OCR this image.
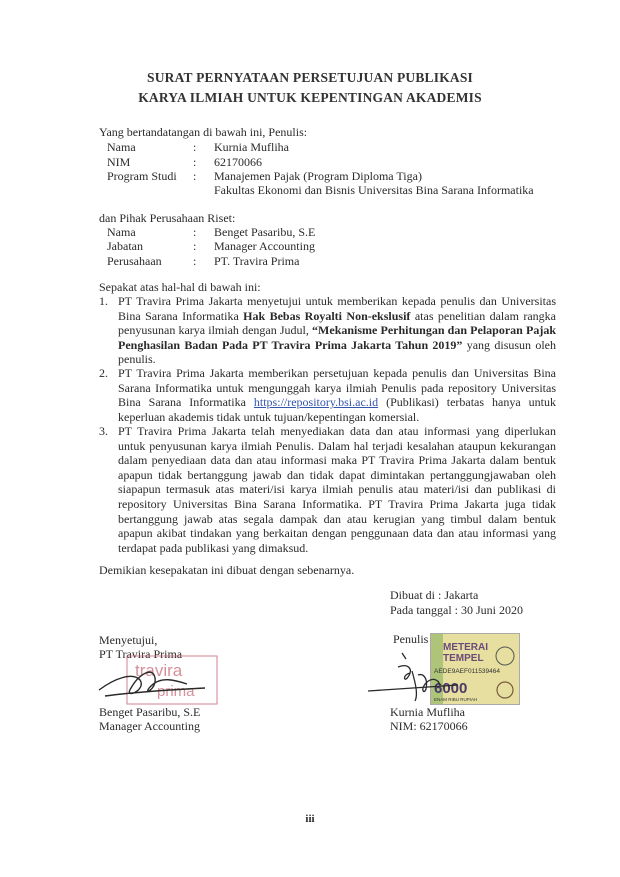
SURAT PERNYATAAN PERSETUJUAN PUBLIKASI
KARYA ILMIAH UNTUK KEPENTINGAN AKADEMIS
Yang bertandatangan di bawah ini, Penulis:
Nama	: Kurnia Mufliha
NIM	: 62170066
Program Studi : Manajemen Pajak (Program Diploma Tiga)
Fakultas Ekonomi dan Bisnis Universitas Bina Sarana Informatika
dan Pihak Perusahaan Riset:
Nama	: Benget Pasaribu, S.E
Jabatan	: Manager Accounting
Perusahaan	: PT. Travira Prima
Sepakat atas hal-hal di bawah ini:
1. PT Travira Prima Jakarta menyetujui untuk memberikan kepada penulis dan Universitas Bina Sarana Informatika Hak Bebas Royalti Non-ekslusif atas penelitian dalam rangka penyusunan karya ilmiah dengan Judul, “Mekanisme Perhitungan dan Pelaporan Pajak Penghasilan Badan Pada PT Travira Prima Jakarta Tahun 2019” yang disusun oleh penulis.
2. PT Travira Prima Jakarta memberikan persetujuan kepada penulis dan Universitas Bina Sarana Informatika untuk mengunggah karya ilmiah Penulis pada repository Universitas Bina Sarana Informatika https://repository.bsi.ac.id (Publikasi) terbatas hanya untuk keperluan akademis tidak untuk tujuan/kepentingan komersial.
3. PT Travira Prima Jakarta telah menyediakan data dan atau informasi yang diperlukan untuk penyusunan karya ilmiah Penulis. Dalam hal terjadi kesalahan ataupun kekurangan dalam penyediaan data dan atau informasi maka PT Travira Prima Jakarta dalam bentuk apapun tidak bertanggung jawab dan tidak dapat dimintakan pertanggungjawaban oleh siapapun termasuk atas materi/isi karya ilmiah penulis atau materi/isi dan publikasi di repository Universitas Bina Sarana Informatika. PT Travira Prima Jakarta juga tidak bertanggung jawab atas segala dampak dan atau kerugian yang timbul dalam bentuk apapun akibat tindakan yang berkaitan dengan penggunaan data dan atau informasi yang terdapat pada publikasi yang dimaksud.
Demikian kesepakatan ini dibuat dengan sebenarnya.
Dibuat di : Jakarta
Pada tanggal : 30 Juni 2020
Menyetujui,
PT Travira Prima
travira
prima
Benget Pasaribu, S.E
Manager Accounting
Penulis
METERAI
TEMPEL
AEDE9AEF011539464
6000
ENAM RIBU RUPIAH
Kurnia Mufliha
NIM: 62170066
iii
